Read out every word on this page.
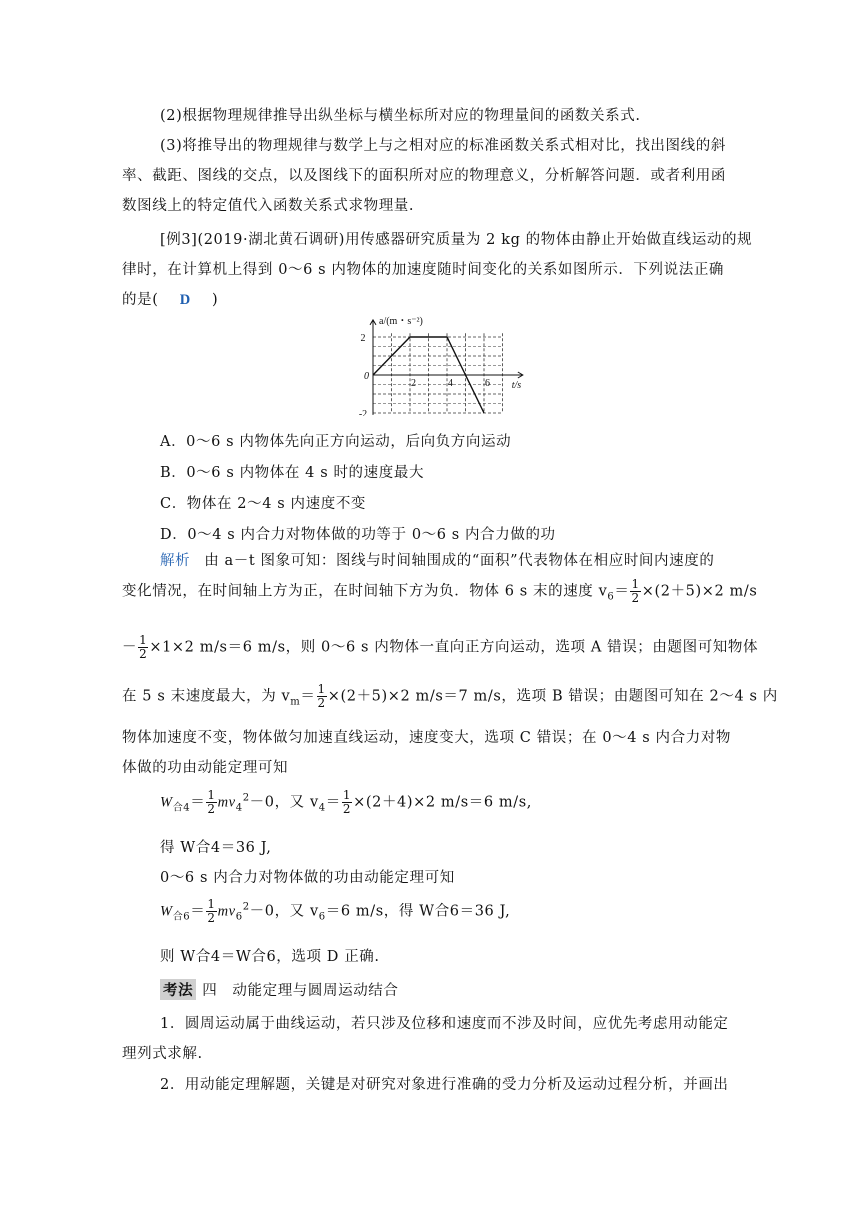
(2)根据物理规律推导出纵坐标与横坐标所对应的物理量间的函数关系式.
(3)将推导出的物理规律与数学上与之相对应的标准函数关系式相对比，找出图线的斜
率、截距、图线的交点，以及图线下的面积所对应的物理意义，分析解答问题．或者利用函
数图线上的特定值代入函数关系式求物理量.
[例3](2019·湖北黄石调研)用传感器研究质量为 2 kg 的物体由静止开始做直线运动的规
律时，在计算机上得到 0～6 s 内物体的加速度随时间变化的关系如图所示．下列说法正确
的是( D )
a/(m・s⁻²)
t/s
0
2	4	6
2
-2
A．0～6 s 内物体先向正方向运动，后向负方向运动
B．0～6 s 内物体在 4 s 时的速度最大
C．物体在 2～4 s 内速度不变
D．0～4 s 内合力对物体做的功等于 0～6 s 内合力做的功
解析 由 a－t 图象可知：图线与时间轴围成的“面积”代表物体在相应时间内速度的
变化情况，在时间轴上方为正，在时间轴下方为负．物体 6 s 末的速度 $v_6= \frac{1}{2} \times(2+5)\times 2$ m/s
－ $\frac{1}{2} \times 1\times 2$ m/s＝6 m/s，则 0～6 s 内物体一直向正方向运动，选项 A 错误；由题图可知物体
在 5 s 末速度最大，为 $v_m= \frac{1}{2} \times(2+5)\times 2$ m/s＝7 m/s，选项 B 错误；由题图可知在 2～4 s 内
物体加速度不变，物体做匀加速直线运动，速度变大，选项 C 错误；在 0～4 s 内合力对物
体做的功由动能定理可知
$W_{合4}= \frac{1}{2} mv_4^2-0$，又 $v_4= \frac{1}{2} \times(2+4)\times 2$ m/s＝6 m/s,
得 W合4＝36 J,
0～6 s 内合力对物体做的功由动能定理可知
$W_{合6}= \frac{1}{2} mv_6^2-0$，又 $v_6=6$ m/s，得 W合6＝36 J,
则 W合4＝W合6，选项 D 正确.
考法 四　动能定理与圆周运动结合
1．圆周运动属于曲线运动，若只涉及位移和速度而不涉及时间，应优先考虑用动能定
理列式求解.
2．用动能定理解题，关键是对研究对象进行准确的受力分析及运动过程分析，并画出
